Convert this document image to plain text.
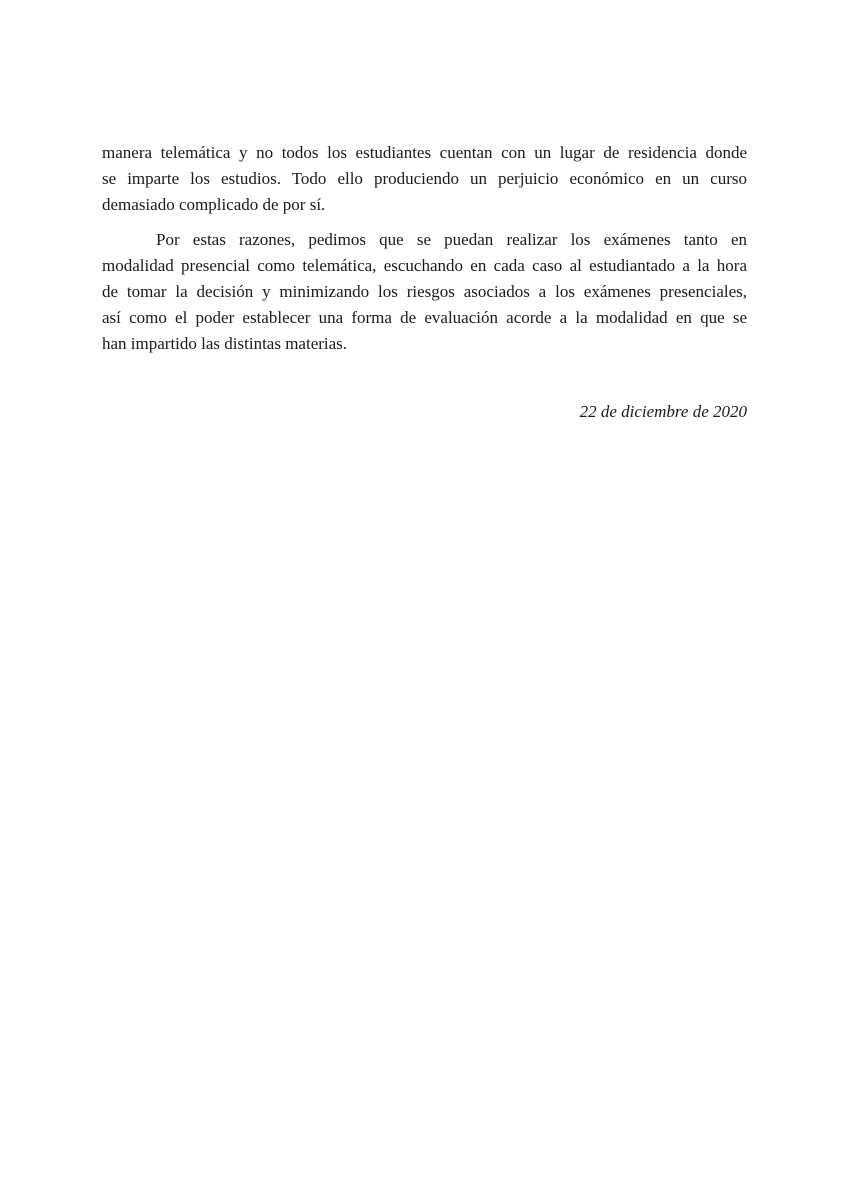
manera telemática y no todos los estudiantes cuentan con un lugar de residencia donde
se imparte los estudios. Todo ello produciendo un perjuicio económico en un curso
demasiado complicado de por sí.

Por estas razones, pedimos que se puedan realizar los exámenes tanto en
modalidad presencial como telemática, escuchando en cada caso al estudiantado a la hora
de tomar la decisión y minimizando los riesgos asociados a los exámenes presenciales,
así como el poder establecer una forma de evaluación acorde a la modalidad en que se
han impartido las distintas materias.

22 de diciembre de 2020
